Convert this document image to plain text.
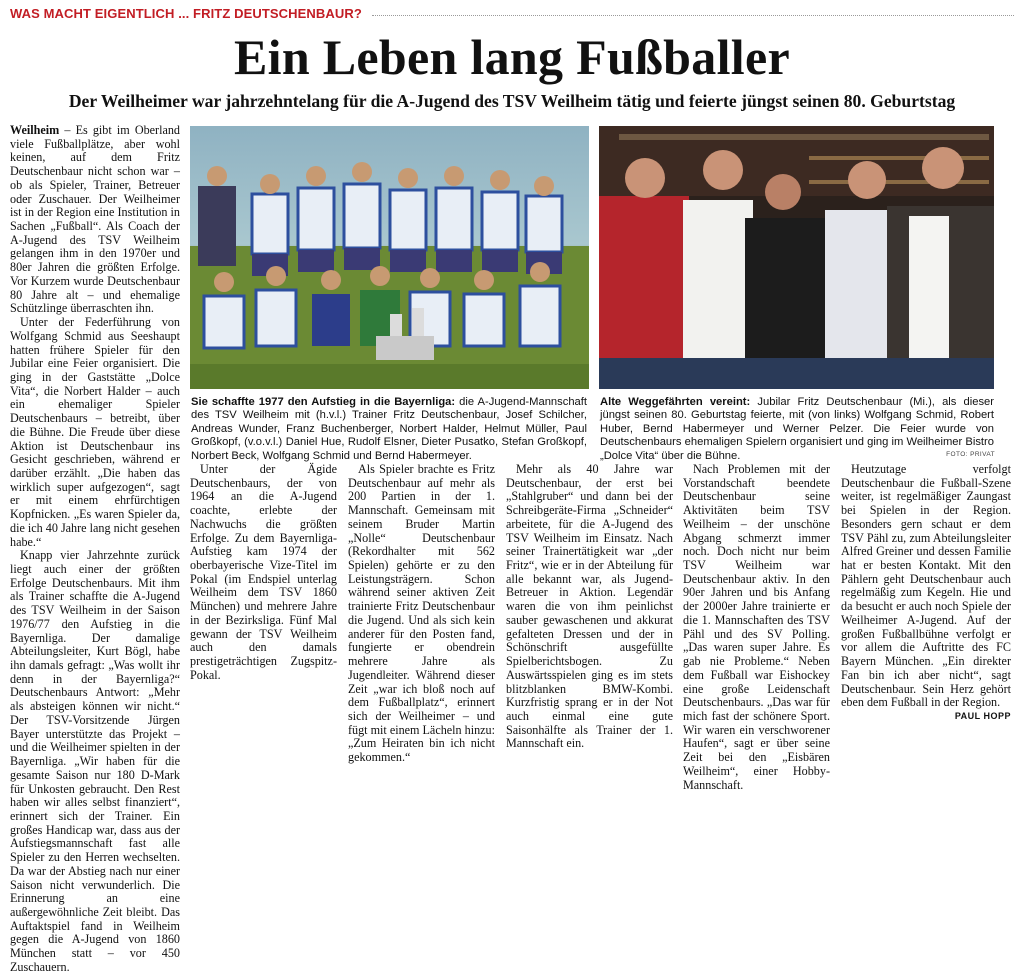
WAS MACHT EIGENTLICH ... FRITZ DEUTSCHENBAUR?
Ein Leben lang Fußballer
Der Weilheimer war jahrzehntelang für die A-Jugend des TSV Weilheim tätig und feierte jüngst seinen 80. Geburtstag

Weilheim – Es gibt im Oberland viele Fußballplätze, aber wohl keinen, auf dem Fritz Deutschenbaur nicht schon war – ob als Spieler, Trainer, Betreuer oder Zuschauer. Der Weilheimer ist in der Region eine Institution in Sachen „Fußball“. Als Coach der A-Jugend des TSV Weilheim gelangen ihm in den 1970er und 80er Jahren die größten Erfolge. Vor Kurzem wurde Deutschenbaur 80 Jahre alt – und ehemalige Schützlinge überraschten ihn.

Unter der Federführung von Wolfgang Schmid aus Seeshaupt hatten frühere Spieler für den Jubilar eine Feier organisiert. Die ging in der Gaststätte „Dolce Vita“, die Norbert Halder – auch ein ehemaliger Spieler Deutschenbaurs – betreibt, über die Bühne. Die Freude über diese Aktion ist Deutschenbaur ins Gesicht geschrieben, während er darüber erzählt. „Die haben das wirklich super aufgezogen“, sagt er mit einem ehrfürchtigen Kopfnicken. „Es waren Spieler da, die ich 40 Jahre lang nicht gesehen habe.“

Knapp vier Jahrzehnte zurück liegt auch einer der größten Erfolge Deutschenbaurs. Mit ihm als Trainer schaffte die A-Jugend des TSV Weilheim in der Saison 1976/77 den Aufstieg in die Bayernliga. Der damalige Abteilungsleiter, Kurt Bögl, habe ihn damals gefragt: „Was wollt ihr denn in der Bayernliga?“ Deutschenbaurs Antwort: „Mehr als absteigen können wir nicht.“ Der TSV-Vorsitzende Jürgen Bayer unterstützte das Projekt – und die Weilheimer spielten in der Bayernliga. „Wir haben für die gesamte Saison nur 180 D-Mark für Unkosten gebraucht. Den Rest haben wir alles selbst finanziert“, erinnert sich der Trainer. Ein großes Handicap war, dass aus der Aufstiegsmannschaft fast alle Spieler zu den Herren wechselten. Da war der Abstieg nach nur einer Saison nicht verwunderlich. Die Erinnerung an eine außergewöhnliche Zeit bleibt. Das Auftaktspiel fand in Weilheim gegen die A-Jugend von 1860 München statt – vor 450 Zuschauern.

Sie schaffte 1977 den Aufstieg in die Bayernliga: die A-Jugend-Mannschaft des TSV Weilheim mit (h.v.l.) Trainer Fritz Deutschenbaur, Josef Schilcher, Andreas Wunder, Franz Buchenberger, Norbert Halder, Helmut Müller, Paul Großkopf, (v.o.v.l.) Daniel Hue, Rudolf Elsner, Dieter Pusatko, Stefan Großkopf, Norbert Beck, Wolfgang Schmid und Bernd Habermeyer.
Alte Weggefährten vereint: Jubilar Fritz Deutschenbaur (Mi.), als dieser jüngst seinen 80. Geburtstag feierte, mit (von links) Wolfgang Schmid, Robert Huber, Bernd Habermeyer und Werner Pelzer. Die Feier wurde von Deutschenbaurs ehemaligen Spielern organisiert und ging im Weilheimer Bistro „Dolce Vita“ über die Bühne.	FOTO: PRIVAT

Unter der Ägide Deutschenbaurs, der von 1964 an die A-Jugend coachte, erlebte der Nachwuchs die größten Erfolge. Zu dem Bayernliga-Aufstieg kam 1974 der oberbayerische Vize-Titel im Pokal (im Endspiel unterlag Weilheim dem TSV 1860 München) und mehrere Jahre in der Bezirksliga. Fünf Mal gewann der TSV Weilheim auch den damals prestigeträchtigen Zugspitz-Pokal.

Als Spieler brachte es Fritz Deutschenbaur auf mehr als 200 Partien in der 1. Mannschaft. Gemeinsam mit seinem Bruder Martin „Nolle“ Deutschenbaur (Rekordhalter mit 562 Spielen) gehörte er zu den Leistungsträgern. Schon während seiner aktiven Zeit trainierte Fritz Deutschenbaur die Jugend. Und als sich kein anderer für den Posten fand, fungierte er obendrein mehrere Jahre als Jugendleiter. Während dieser Zeit „war ich bloß noch auf dem Fußballplatz“, erinnert sich der Weilheimer – und fügt mit einem Lächeln hinzu: „Zum Heiraten bin ich nicht gekommen.“

Mehr als 40 Jahre war Deutschenbaur, der erst bei „Stahlgruber“ und dann bei der Schreibgeräte-Firma „Schneider“ arbeitete, für die A-Jugend des TSV Weilheim im Einsatz. Nach seiner Trainertätigkeit war „der Fritz“, wie er in der Abteilung für alle bekannt war, als Jugend-Betreuer in Aktion. Legendär waren die von ihm peinlichst sauber gewaschenen und akkurat gefalteten Dressen und der in Schönschrift ausgefüllte Spielberichtsbogen. Zu Auswärtsspielen ging es im stets blitzblanken BMW-Kombi. Kurzfristig sprang er in der Not auch einmal eine gute Saisonhälfte als Trainer der 1. Mannschaft ein.

Nach Problemen mit der Vorstandschaft beendete Deutschenbaur seine Aktivitäten beim TSV Weilheim – der unschöne Abgang schmerzt immer noch. Doch nicht nur beim TSV Weilheim war Deutschenbaur aktiv. In den 90er Jahren und bis Anfang der 2000er Jahre trainierte er die 1. Mannschaften des TSV Pähl und des SV Polling. „Das waren super Jahre. Es gab nie Probleme.“ Neben dem Fußball war Eishockey eine große Leidenschaft Deutschenbaurs. „Das war für mich fast der schönere Sport. Wir waren ein verschworener Haufen“, sagt er über seine Zeit bei den „Eisbären Weilheim“, einer Hobby-Mannschaft.

Heutzutage verfolgt Deutschenbaur die Fußball-Szene weiter, ist regelmäßiger Zaungast bei Spielen in der Region. Besonders gern schaut er dem TSV Pähl zu, zum Abteilungsleiter Alfred Greiner und dessen Familie hat er besten Kontakt. Mit den Pählern geht Deutschenbaur auch regelmäßig zum Kegeln. Hie und da besucht er auch noch Spiele der Weilheimer A-Jugend. Auf der großen Fußballbühne verfolgt er vor allem die Auftritte des FC Bayern München. „Ein direkter Fan bin ich aber nicht“, sagt Deutschenbaur. Sein Herz gehört eben dem Fußball in der Region.

PAUL HOPP
